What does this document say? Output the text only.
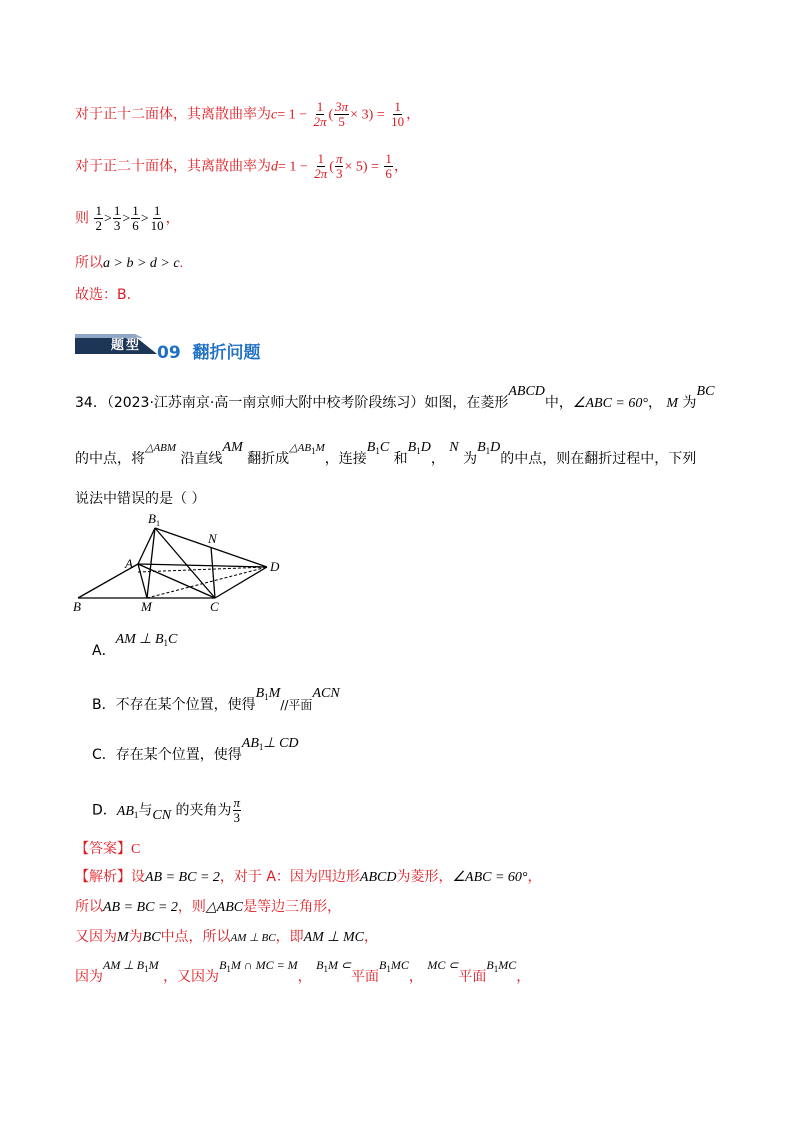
对于正十二面体，其离散曲率为$c= 1 - \frac{1}{2\pi}$ ( $\frac{3\pi}{5} \times 3) = \frac{1}{10}$ ，
对于正二十面体，其离散曲率为$d= 1 - \frac{1}{2\pi}$ ( $\frac{\pi}{3} \times 5) = \frac{1}{6}$ ，
则 $\frac{1}{2} > \frac{1}{3} > \frac{1}{6} > \frac{1}{10}$ ，
所以a > b > d > c.
故选：B.
题型 09 翻折问题
34．（2023·江苏南京·高一南京师大附中校考阶段练习）如图，在菱形ABCD中，∠ABC = 60°， M 为BC
的中点，将$^{\triangle ABM}$ 沿直线AM 翻折成$^{\triangle AB_1M}$，连接$B_1C$ 和$B_1D$， N 为$B_1D$的中点，则在翻折过程中，下列
说法中错误的是（ ）
$B_1$
N
A	D
B	M	C
A．AM ⊥ $B_1C$
B．不存在某个位置，使得$B_1M//$平面ACN
C．存在某个位置，使得$AB_1\perp$ CD
D．$AB_1$与CN 的夹角为 $\frac{\pi}{3}$
【答案】C
【解析】设AB = BC = 2，对于 A：因为四边形ABCD为菱形，∠ABC = 60°，
所以AB = BC = 2，则△ABC是等边三角形，
又因为M为BC中点，所以AM ⊥ BC，即AM ⊥ MC，
因为AM ⊥ $B_1M$ ，又因为$B_1M$ ∩ MC = M， $B_1M$ ⊂平面$B_1MC$， MC ⊂平面$B_1MC$，
